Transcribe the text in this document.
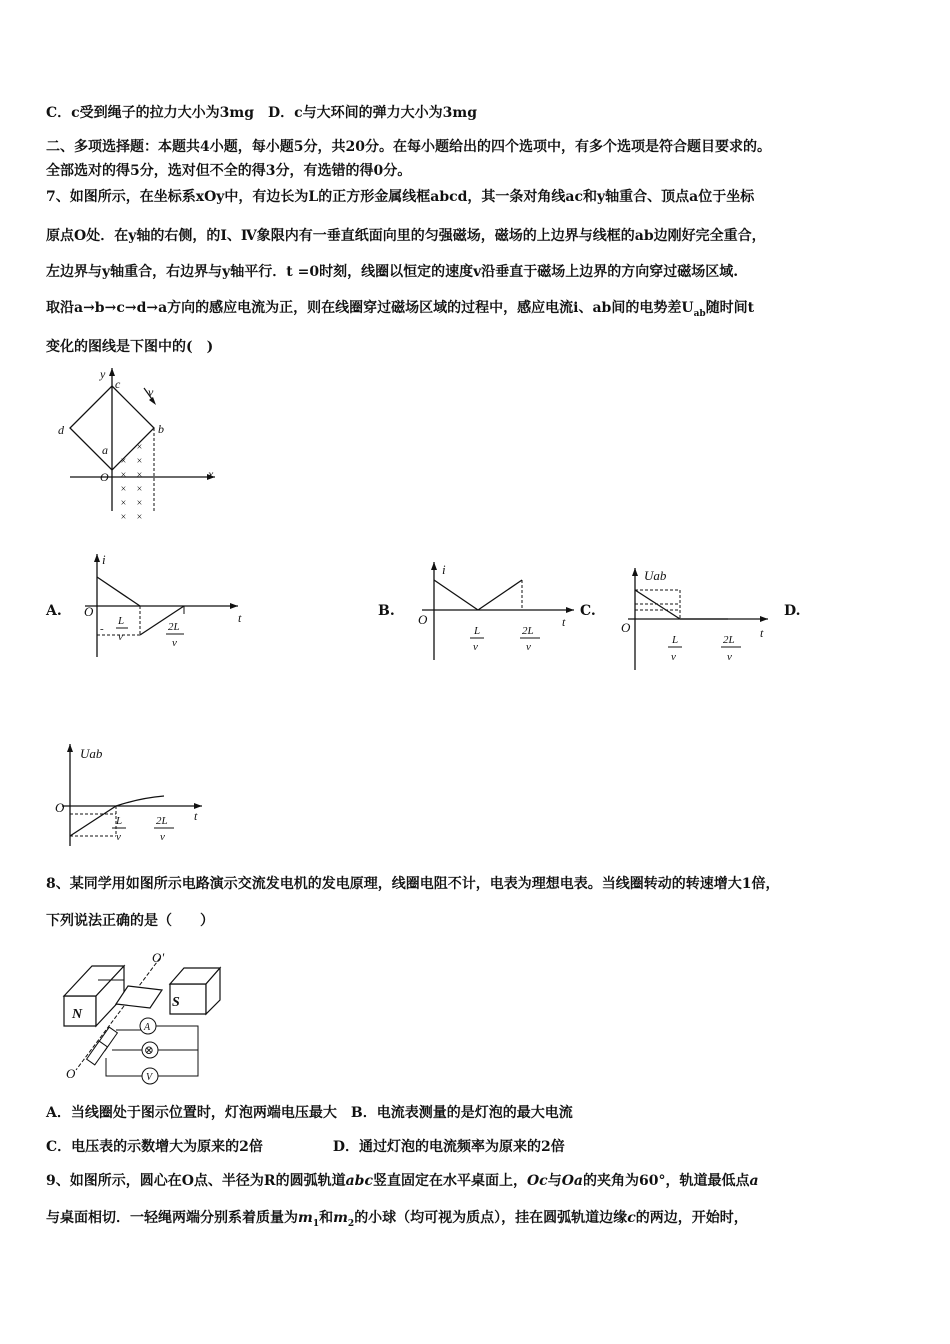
C．c受到绳子的拉力大小为3mg　D．c与大环间的弹力大小为3mg
二、多项选择题：本题共4小题，每小题5分，共20分。在每小题给出的四个选项中，有多个选项是符合题目要求的。
全部选对的得5分，选对但不全的得3分，有选错的得0分。
7、如图所示，在坐标系xOy中，有边长为L的正方形金属线框abcd，其一条对角线ac和y轴重合、顶点a位于坐标
原点O处．在y轴的右侧，的I、Ⅳ象限内有一垂直纸面向里的匀强磁场，磁场的上边界与线框的ab边刚好完全重合，
左边界与y轴重合，右边界与y轴平行．t =0时刻，线圈以恒定的速度v沿垂直于磁场上边界的方向穿过磁场区域.
取沿a→b→c→d→a方向的感应电流为正，则在线圈穿过磁场区域的过程中，感应电流i、ab间的电势差$U_{ab}$随时间t
变化的图线是下图中的(　)
y
c
v
d	b
a
O	x
×
×
×
× ×
× ×
× ×
× ×
A.
i
O	t
-
L
v
2L
v
B.
i
O	t
L
v
2L
v
C.
Uab
O	t
L
v
2L
v
D.
Uab
O
t
L
v
2L
v
8、某同学用如图所示电路演示交流发电机的发电原理，线圈电阻不计，电表为理想电表。当线圈转动的转速增大1倍，
下列说法正确的是（　　）
N
S
O'
O
A
⊗
V
A．当线圈处于图示位置时，灯泡两端电压最大　B．电流表测量的是灯泡的最大电流
C．电压表的示数增大为原来的2倍　　　　　D．通过灯泡的电流频率为原来的2倍
9、如图所示，圆心在O点、半径为R的圆弧轨道abc竖直固定在水平桌面上，Oc与Oa的夹角为60°，轨道最低点a
与桌面相切．一轻绳两端分别系着质量为$m_1$和$m_2$的小球（均可视为质点），挂在圆弧轨道边缘c的两边，开始时，
